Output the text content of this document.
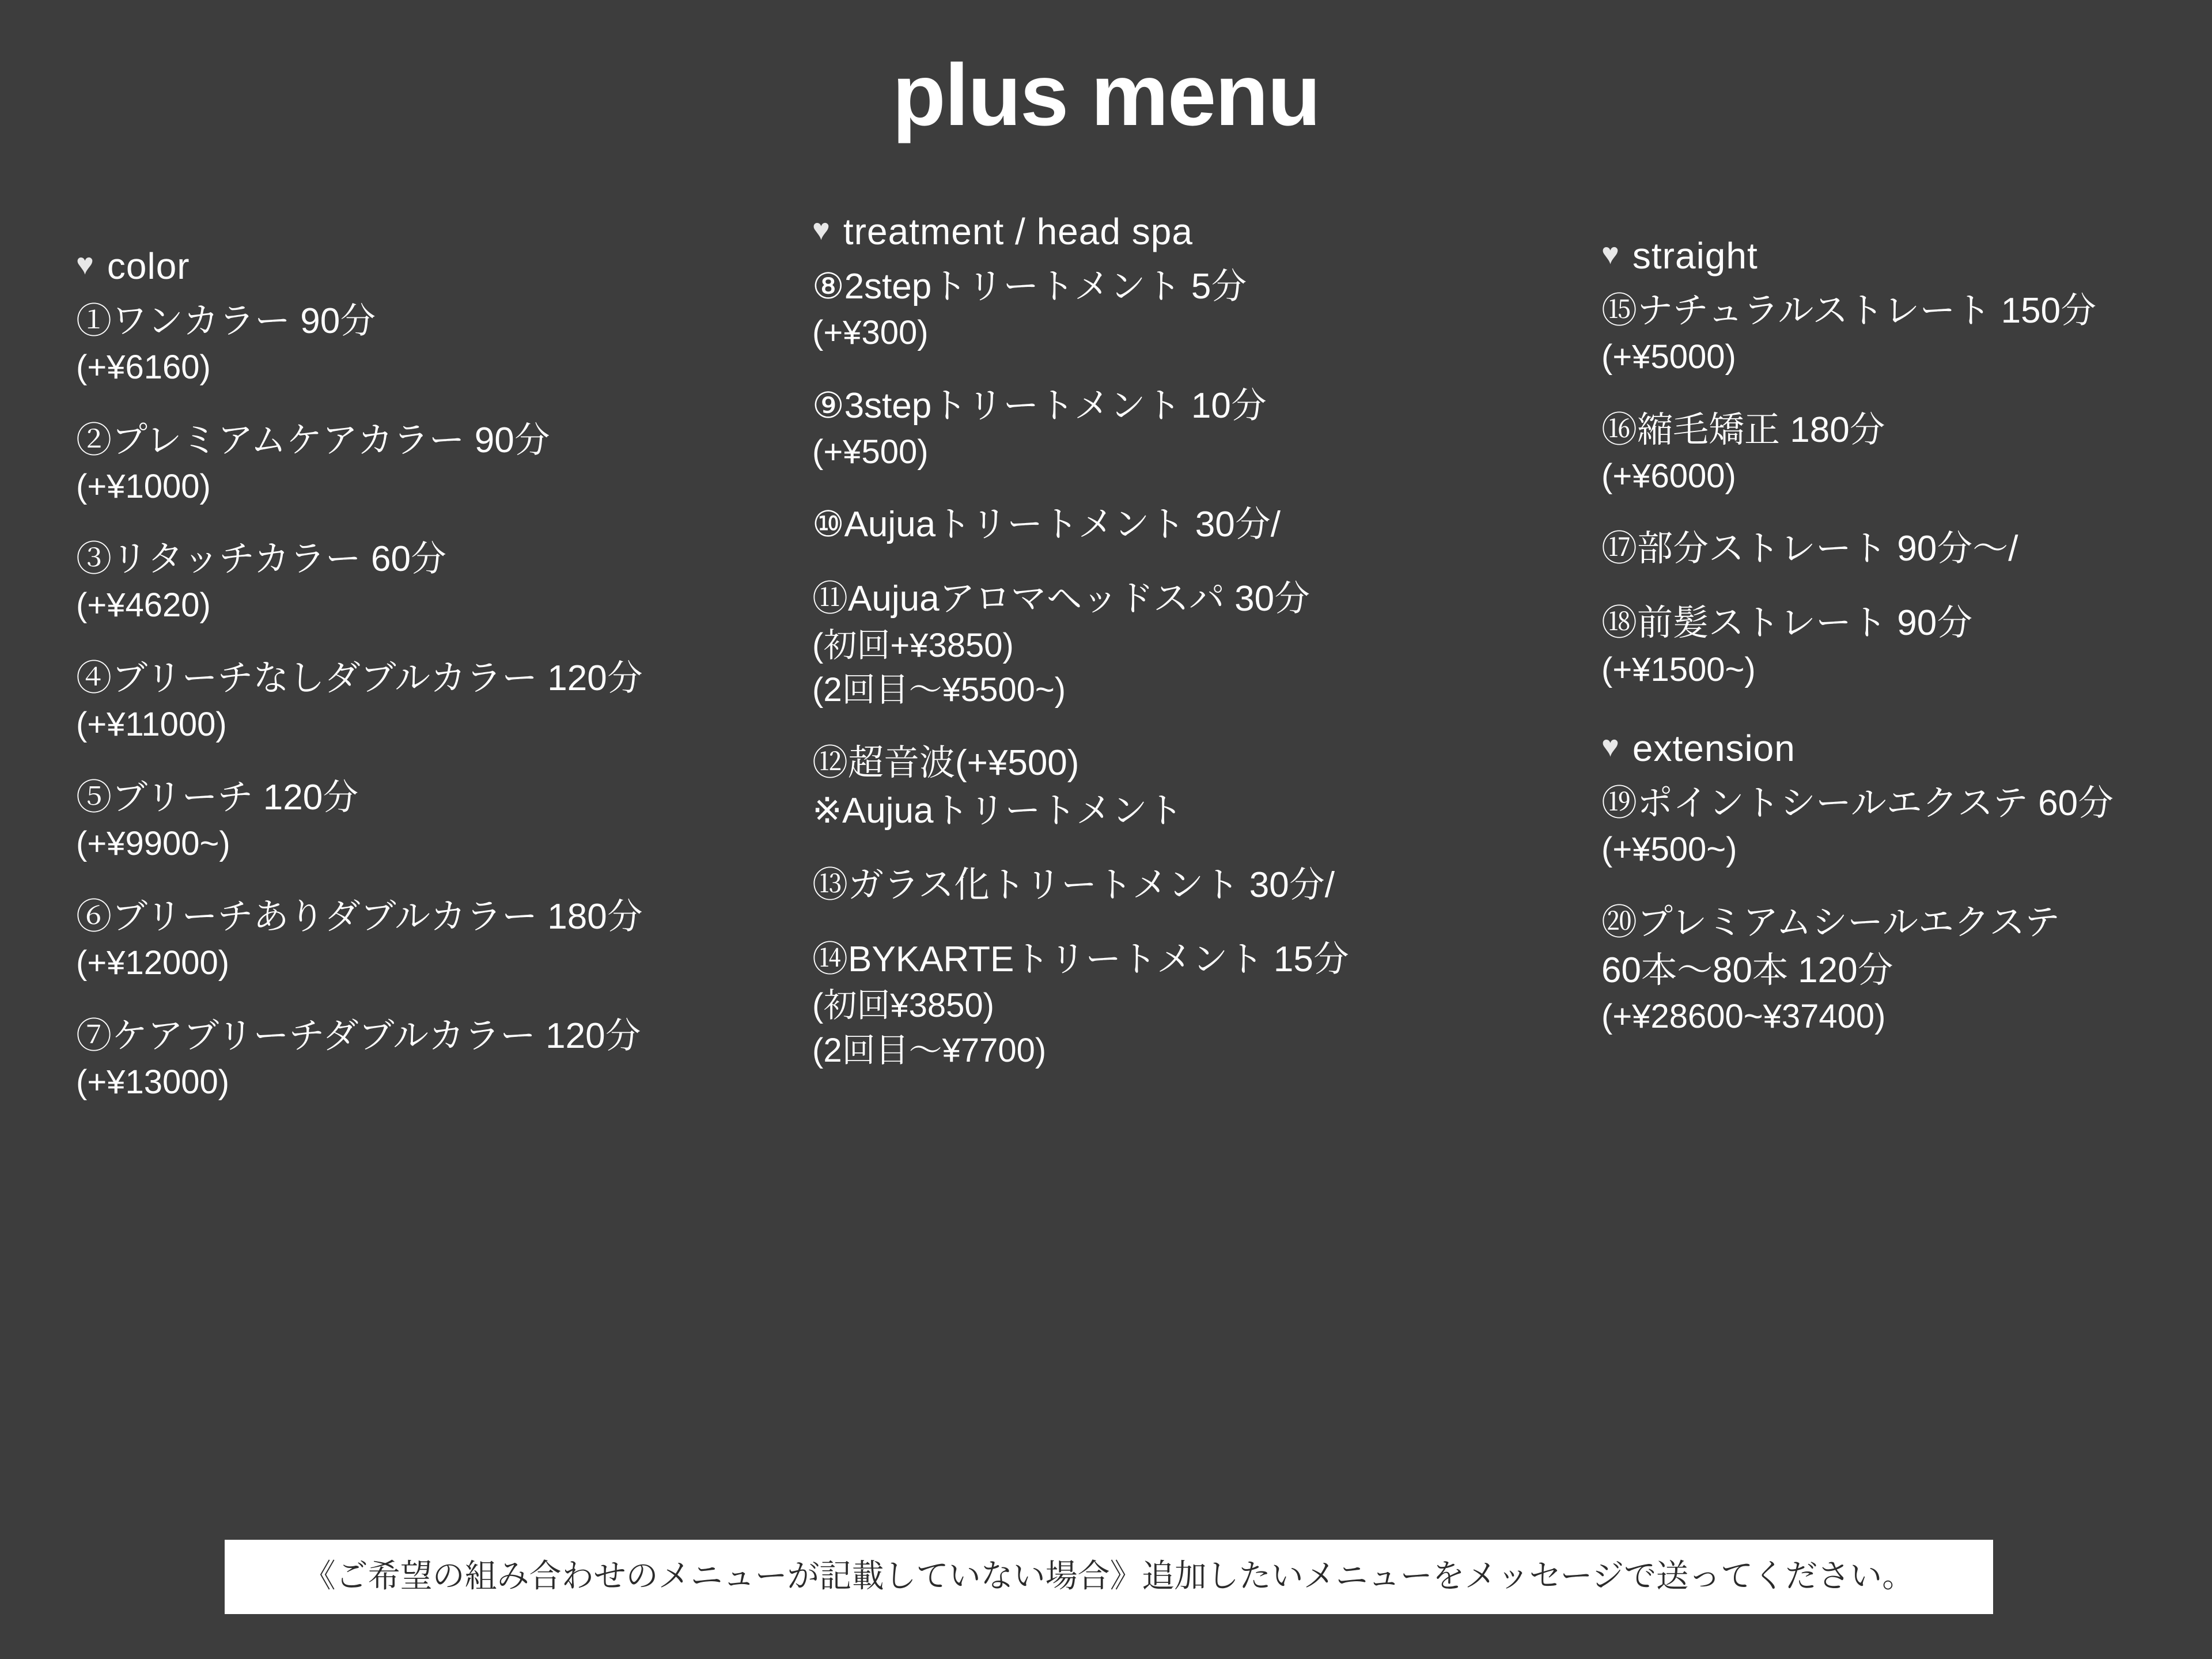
plus menu
♥ color
①ワンカラー 90分
(+¥6160)
②プレミアムケアカラー 90分
(+¥1000)
③リタッチカラー 60分
(+¥4620)
④ブリーチなしダブルカラー 120分
(+¥11000)
⑤ブリーチ 120分
(+¥9900~)
⑥ブリーチありダブルカラー 180分
(+¥12000)
⑦ケアブリーチダブルカラー 120分
(+¥13000)
♥ treatment / head spa
⑧2stepトリートメント 5分
(+¥300)
⑨3stepトリートメント 10分
(+¥500)
⑩Aujuaトリートメント 30分/
⑪Aujuaアロマヘッドスパ 30分
(初回+¥3850)
(2回目〜¥5500~)
⑫超音波(+¥500)
※Aujuaトリートメント
⑬ガラス化トリートメント 30分/
⑭BYKARTEトリートメント 15分
(初回¥3850)
(2回目〜¥7700)
♥ straight
⑮ナチュラルストレート 150分
(+¥5000)
⑯縮毛矯正 180分
(+¥6000)
⑰部分ストレート 90分〜/
⑱前髪ストレート 90分
(+¥1500~)
♥ extension
⑲ポイントシールエクステ 60分
(+¥500~)
⑳プレミアムシールエクステ
60本〜80本 120分
(+¥28600~¥37400)
《ご希望の組み合わせのメニューが記載していない場合》追加したいメニューをメッセージで送ってください。
